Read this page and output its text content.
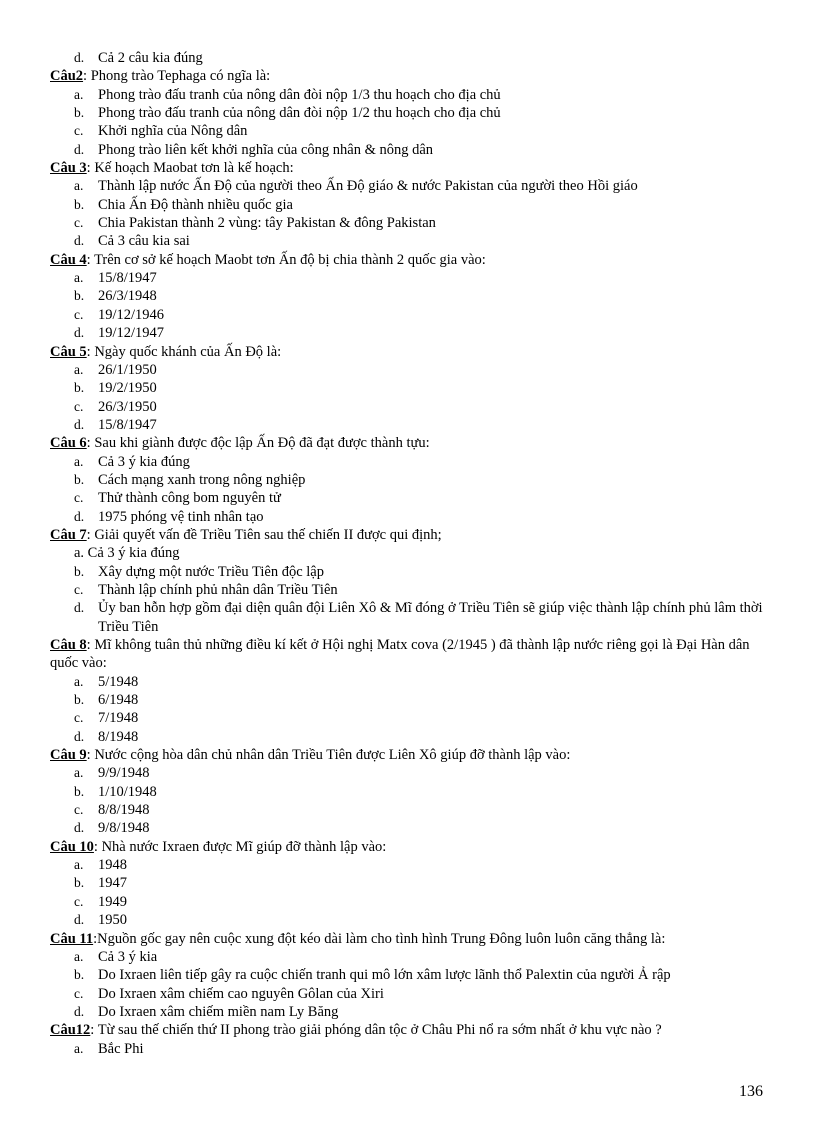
d. Cả 2 câu kia đúng
Câu2: Phong trào Tephaga có ngĩa là:
a. Phong trào đấu tranh của nông dân đòi nộp 1/3 thu hoạch cho địa chủ
b. Phong trào đấu tranh của nông dân đòi nộp 1/2 thu hoạch cho địa chủ
c. Khởi nghĩa của Nông dân
d. Phong trào liên kết khởi nghĩa của công nhân & nông dân
Câu 3: Kế hoạch Maobat tơn là kế hoạch:
a. Thành lập nước Ấn Độ của người theo Ấn Độ giáo & nước Pakistan của người theo Hồi giáo
b. Chia Ấn Độ thành nhiều quốc gia
c. Chia Pakistan thành 2 vùng: tây Pakistan & đông Pakistan
d. Cả 3 câu kia sai
Câu 4: Trên cơ sở kế hoạch Maobt tơn Ấn độ bị chia thành 2 quốc gia vào:
a. 15/8/1947
b. 26/3/1948
c. 19/12/1946
d. 19/12/1947
Câu 5: Ngày quốc khánh của Ấn Độ là:
a. 26/1/1950
b. 19/2/1950
c. 26/3/1950
d. 15/8/1947
Câu 6: Sau khi giành được độc lập Ấn Độ đã đạt được thành tựu:
a. Cả 3 ý kia đúng
b. Cách mạng xanh trong nông nghiệp
c. Thử thành công bom nguyên tử
d. 1975 phóng vệ tinh nhân tạo
Câu 7: Giải quyết vấn đề Triều Tiên sau thế chiến II được qui định;
a. Cả 3 ý kia đúng
b. Xây dựng một nước Triều Tiên độc lập
c. Thành lập chính phủ nhân dân Triều Tiên
d. Ủy ban hỗn hợp gồm đại diện quân đội Liên Xô & Mĩ đóng ở Triều Tiên sẽ giúp việc thành lập chính phủ lâm thời Triều Tiên
Câu 8: Mĩ không tuân thủ những điều kí kết ở Hội nghị Matx cova (2/1945 ) đã thành lập nước riêng gọi là Đại Hàn dân quốc vào:
a. 5/1948
b. 6/1948
c. 7/1948
d. 8/1948
Câu 9: Nước cộng hòa dân chủ nhân dân Triều Tiên được Liên Xô giúp đỡ thành lập vào:
a. 9/9/1948
b. 1/10/1948
c. 8/8/1948
d. 9/8/1948
Câu 10: Nhà nước Ixraen được Mĩ giúp đỡ thành lập vào:
a. 1948
b. 1947
c. 1949
d. 1950
Câu 11:Nguồn gốc gay nên cuộc xung đột kéo dài làm cho tình hình Trung Đông luôn luôn căng thẳng là:
a. Cả 3 ý kia
b. Do Ixraen liên tiếp gây ra cuộc chiến tranh qui mô lớn xâm lược lãnh thổ Palextin của người Ả rập
c. Do Ixraen xâm chiếm cao nguyên Gôlan của Xiri
d. Do Ixraen xâm chiếm miền nam Ly Băng
Câu12: Từ sau thế chiến thứ II phong trào giải phóng dân tộc ở Châu Phi nổ ra sớm nhất ở khu vực nào ?
a. Bắc Phi
136
